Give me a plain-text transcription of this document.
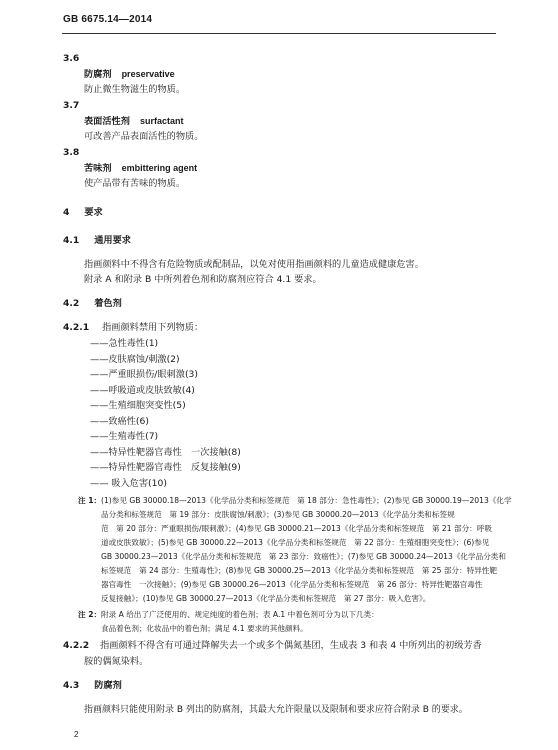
GB 6675.14—2014
3.6
防腐剂 preservative
防止微生物滋生的物质。
3.7
表面活性剂 surfactant
可改善产品表面活性的物质。
3.8
苦味剂 embittering agent
使产品带有苦味的物质。
4 要求
4.1 通用要求
指画颜料中不得含有危险物质或配制品，以免对使用指画颜料的儿童造成健康危害。
附录 A 和附录 B 中所列着色剂和防腐剂应符合 4.1 要求。
4.2 着色剂
4.2.1 指画颜料禁用下列物质：
——急性毒性(1)
——皮肤腐蚀/刺激(2)
——严重眼损伤/眼刺激(3)
——呼吸道或皮肤致敏(4)
——生殖细胞突变性(5)
——致癌性(6)
——生殖毒性(7)
——特异性靶器官毒性　一次接触(8)
——特异性靶器官毒性　反复接触(9)
—— 吸入危害(10)
注 1： (1)参见 GB 30000.18—2013《化学品分类和标签规范　第 18 部分：急性毒性》；(2)参见 GB 30000.19—2013《化学
品分类和标签规范　第 19 部分：皮肤腐蚀/刺激》；(3)参见 GB 30000.20—2013《化学品分类和标签规
范　第 20 部分：严重眼损伤/眼刺激》；(4)参见 GB 30000.21—2013《化学品分类和标签规范　第 21 部分：呼吸
道或皮肤致敏》；(5)参见 GB 30000.22—2013《化学品分类和标签规范　第 22 部分：生殖细胞突变性》；(6)参见
GB 30000.23—2013《化学品分类和标签规范　第 23 部分：致癌性》；(7)参见 GB 30000.24—2013《化学品分类和
标签规范　第 24 部分：生殖毒性》；(8)参见 GB 30000.25—2013《化学品分类和标签规范　第 25 部分：特异性靶
器官毒性　一次接触》；(9)参见 GB 30000.26—2013《化学品分类和标签规范　第 26 部分：特异性靶器官毒性
反复接触》；(10)参见 GB 30000.27—2013《化学品分类和标签规范　第 27 部分：吸入危害》。
注 2： 附录 A 给出了广泛使用的、规定纯度的着色剂；表 A.1 中着色剂可分为以下几类：
食品着色剂；化妆品中的着色剂；满足 4.1 要求的其他颜料。
4.2.2 指画颜料不得含有可通过降解失去一个或多个偶氮基团，生成表 3 和表 4 中所列出的初级芳香
胺的偶氮染料。
4.3 防腐剂
指画颜料只能使用附录 B 列出的防腐剂，其最大允许限量以及限制和要求应符合附录 B 的要求。
2
